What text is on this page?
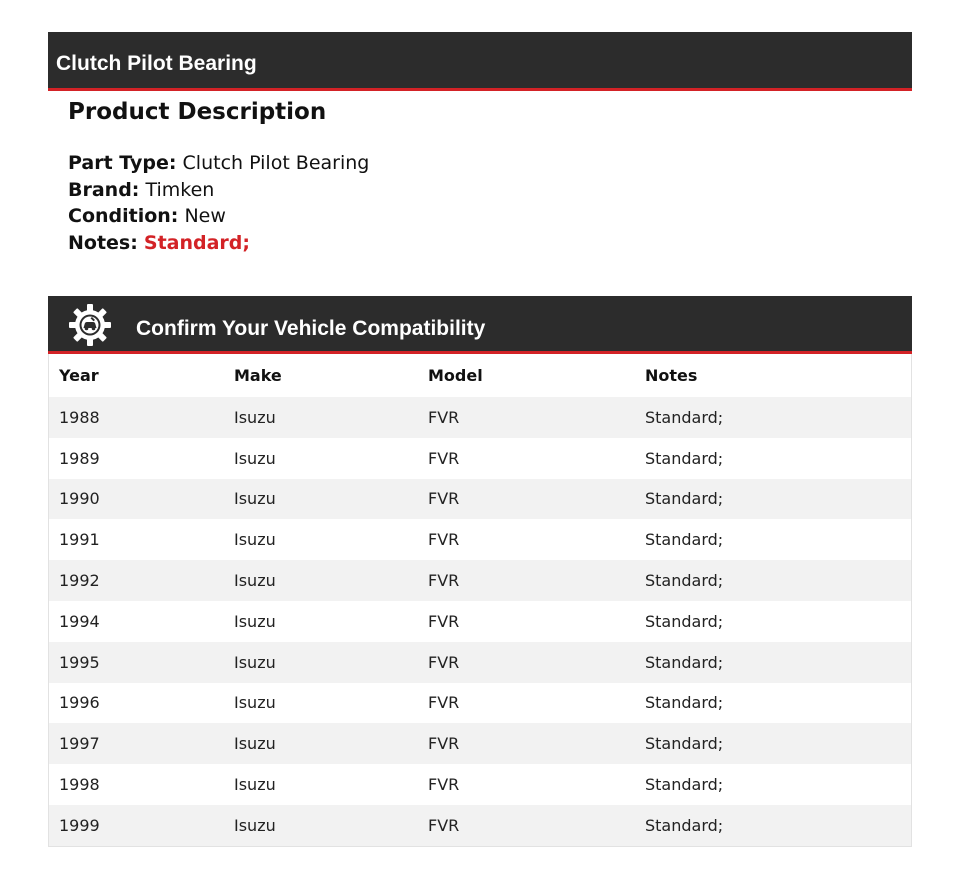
Clutch Pilot Bearing
Product Description
Part Type: Clutch Pilot Bearing
Brand: Timken
Condition: New
Notes: Standard;
Confirm Your Vehicle Compatibility
Year	Make	Model	Notes
1988	Isuzu	FVR	Standard;
1989	Isuzu	FVR	Standard;
1990	Isuzu	FVR	Standard;
1991	Isuzu	FVR	Standard;
1992	Isuzu	FVR	Standard;
1994	Isuzu	FVR	Standard;
1995	Isuzu	FVR	Standard;
1996	Isuzu	FVR	Standard;
1997	Isuzu	FVR	Standard;
1998	Isuzu	FVR	Standard;
1999	Isuzu	FVR	Standard;
